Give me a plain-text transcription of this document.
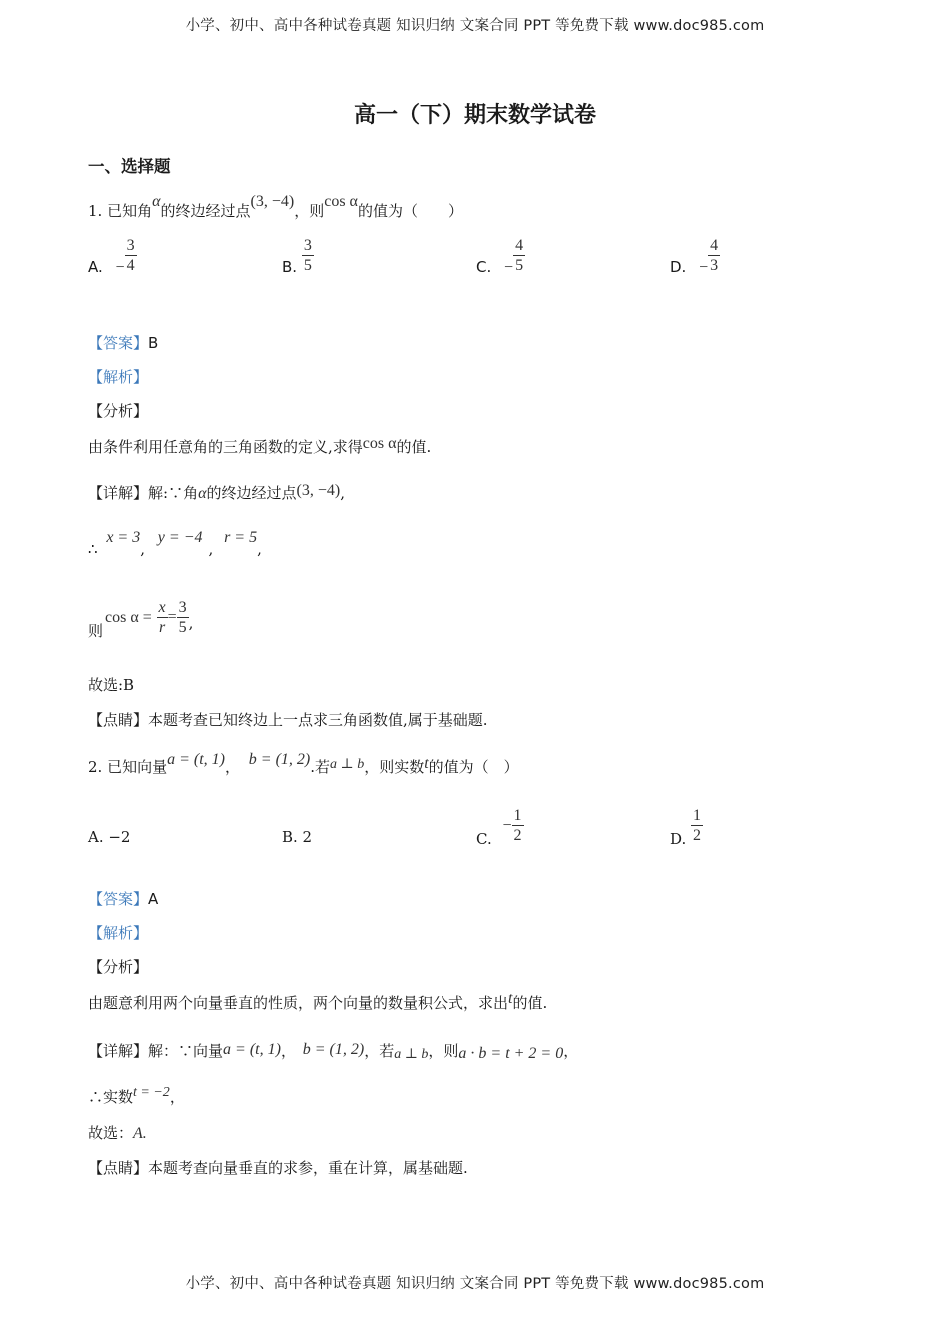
小学、初中、高中各种试卷真题 知识归纳 文案合同 PPT 等免费下载 www.doc985.com
高一（下）期末数学试卷
一、选择题
1. 已知角α的终边经过点(3, −4)，则cos α的值为（　　）
A. − $\frac{3}{4}$	B. $\frac{3}{5}$	C. − $\frac{4}{5}$	D. − $\frac{4}{3}$
【答案】B
【解析】
【分析】
由条件利用任意角的三角函数的定义,求得cos α的值.
【详解】解:∵角α的终边经过点(3, −4),
∴ x = 3, y = −4, r = 5,
则$\cos \alpha = \frac{x}{r} = \frac{3}{5}$ ,
故选:B
【点睛】本题考查已知终边上一点求三角函数值,属于基础题.
2. 已知向量a = (t, 1)， b = (1, 2).若a ⊥ b，则实数t的值为（　）
A. −2	B. 2	C. − $\frac{1}{2}$	D. $\frac{1}{2}$
【答案】A
【解析】
【分析】
由题意利用两个向量垂直的性质，两个向量的数量积公式，求出t的值.
【详解】解：∵向量a = (t, 1)， b = (1, 2)，若a ⊥ b，则a · b = t + 2 = 0，
∴实数t = −2，
故选：A.
【点睛】本题考查向量垂直的求参，重在计算，属基础题.
小学、初中、高中各种试卷真题 知识归纳 文案合同 PPT 等免费下载 www.doc985.com
